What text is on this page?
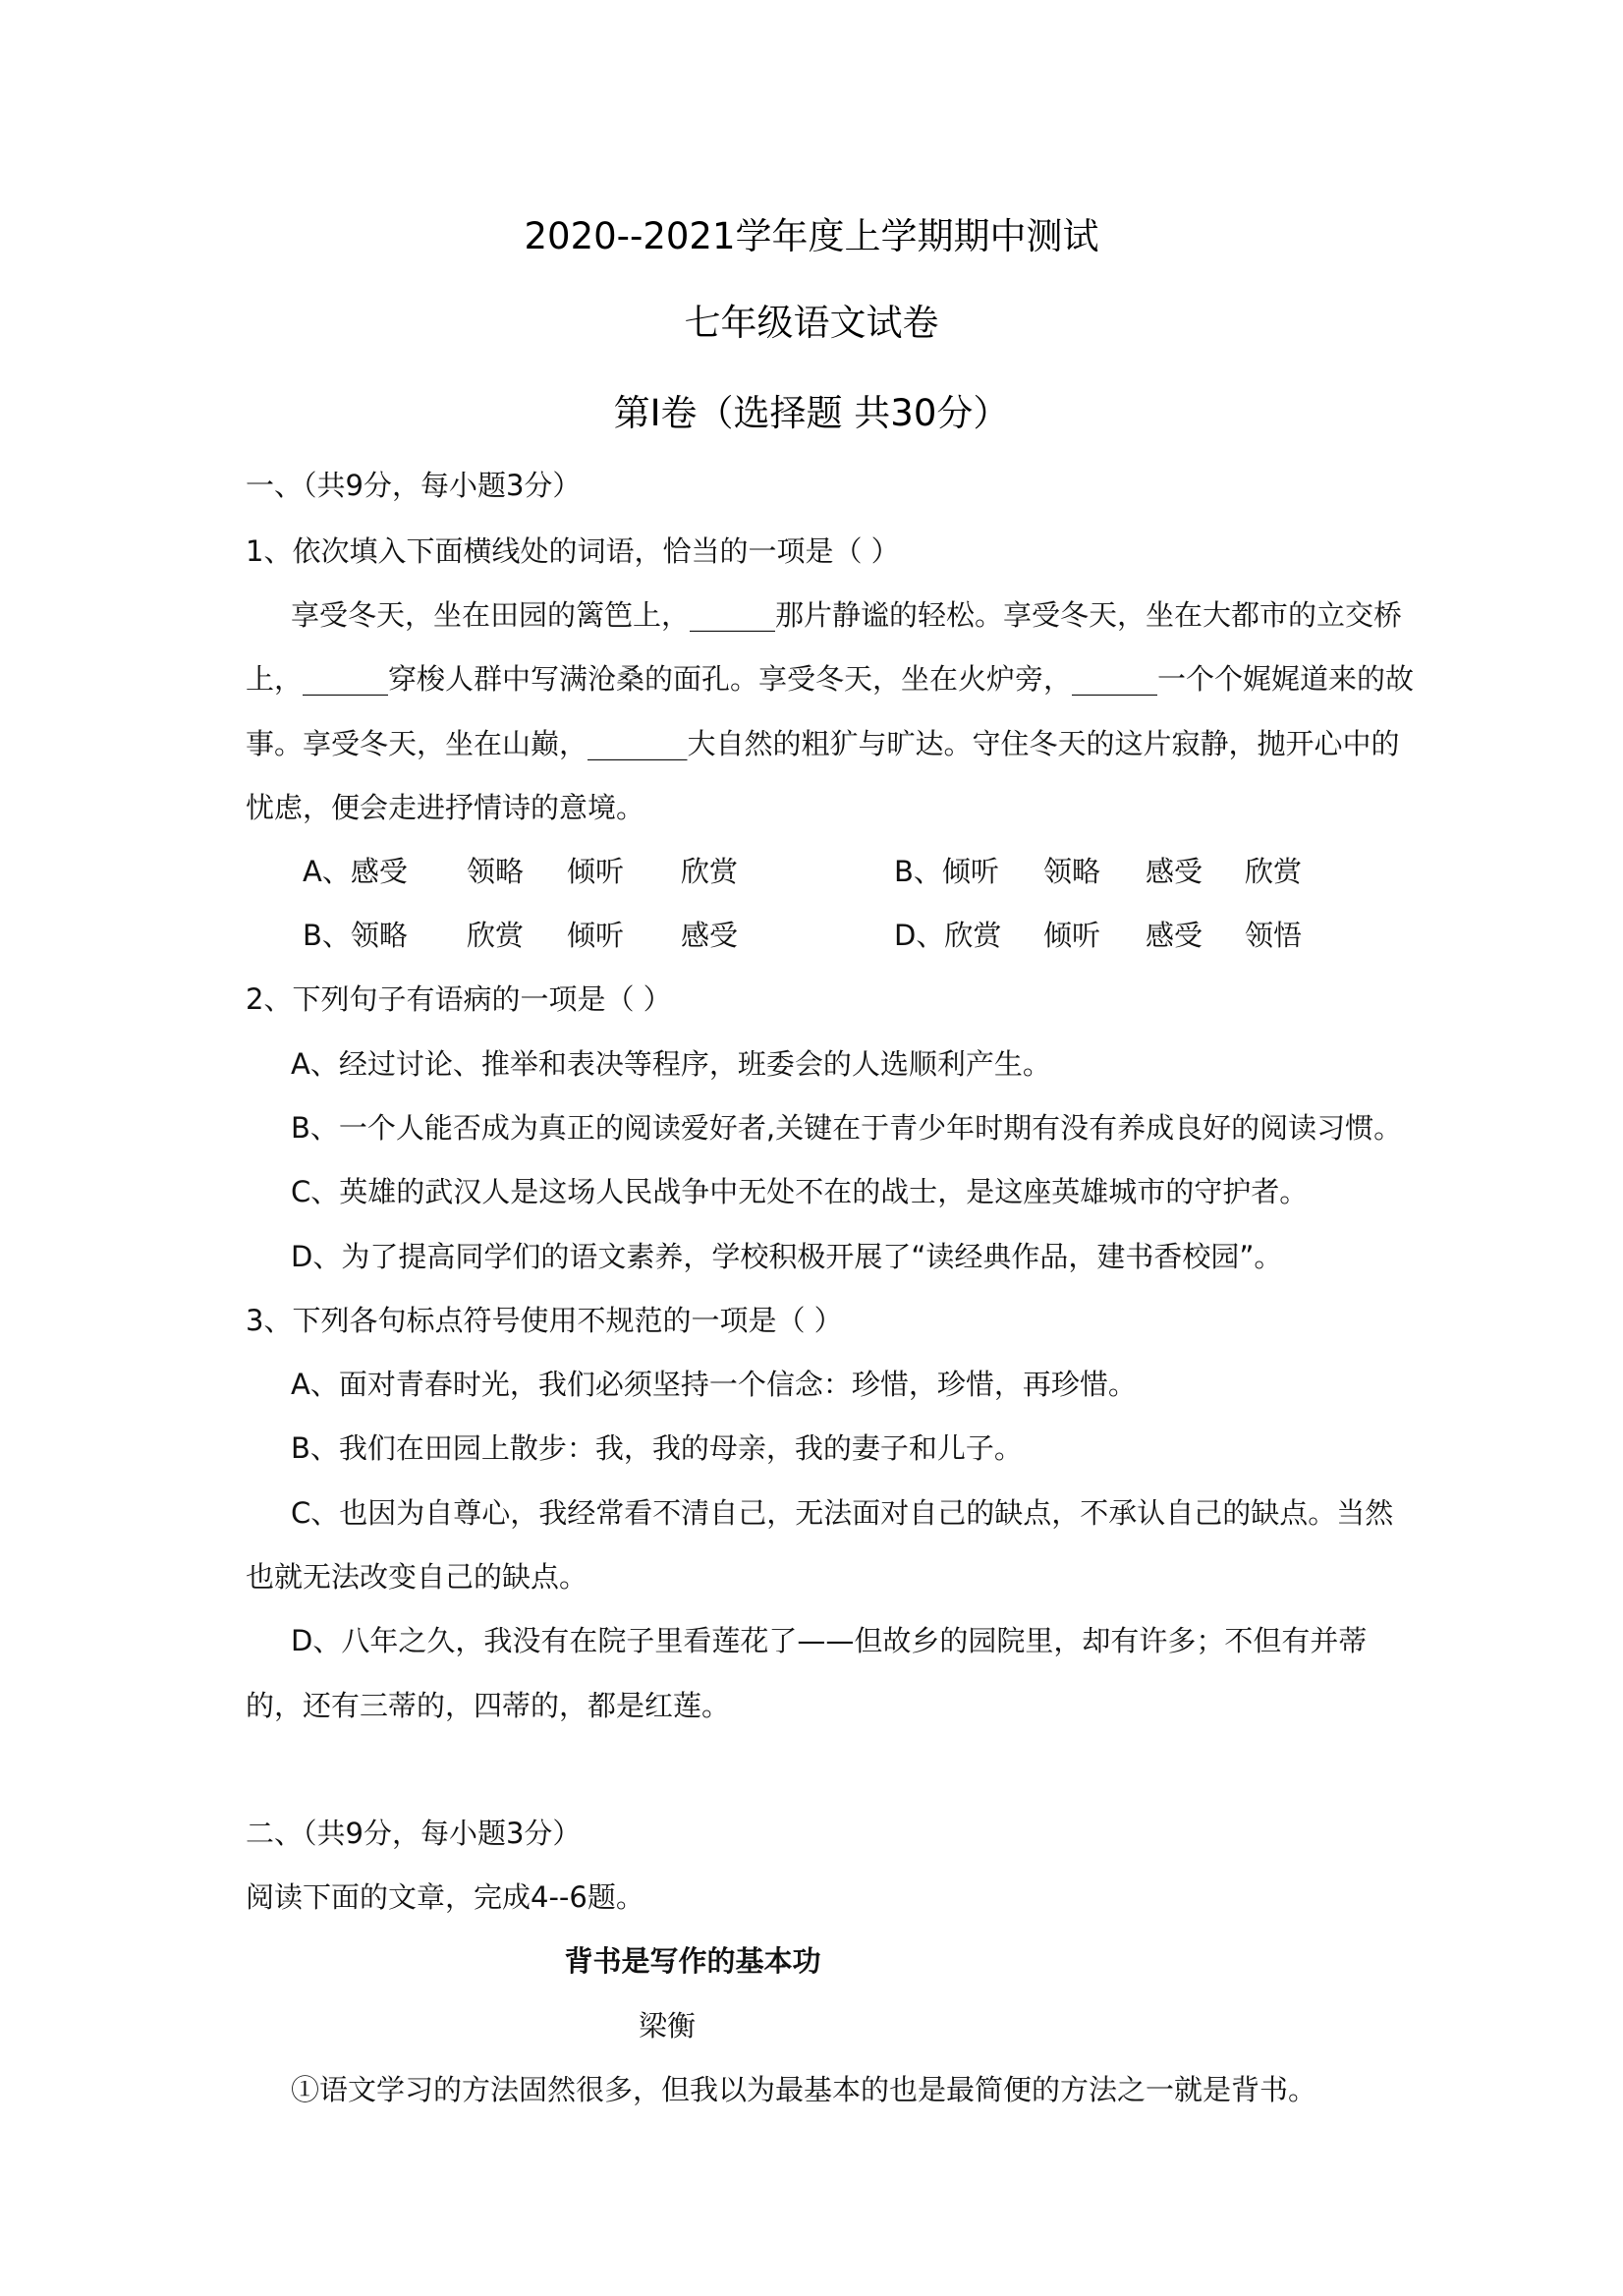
2020--2021学年度上学期期中测试
七年级语文试卷
第Ⅰ卷（选择题 共30分）
一、（共9分，每小题3分）
1、依次填入下面横线处的词语，恰当的一项是（ ）
享受冬天，坐在田园的篱笆上，______那片静谧的轻松。享受冬天，坐在大都市的立交桥
上，______穿梭人群中写满沧桑的面孔。享受冬天，坐在火炉旁，______一个个娓娓道来的故
事。享受冬天，坐在山巅，_______大自然的粗犷与旷达。守住冬天的这片寂静，抛开心中的
忧虑，便会走进抒情诗的意境。
A、感受 领略 倾听 欣赏	B、倾听 领略 感受 欣赏
B、领略 欣赏 倾听 感受	D、欣赏 倾听 感受 领悟
2、下列句子有语病的一项是（ ）
A、经过讨论、推举和表决等程序，班委会的人选顺利产生。
B、一个人能否成为真正的阅读爱好者,关键在于青少年时期有没有养成良好的阅读习惯。
C、英雄的武汉人是这场人民战争中无处不在的战士，是这座英雄城市的守护者。
D、为了提高同学们的语文素养，学校积极开展了“读经典作品，建书香校园”。
3、下列各句标点符号使用不规范的一项是（ ）
A、面对青春时光，我们必须坚持一个信念：珍惜，珍惜，再珍惜。
B、我们在田园上散步：我，我的母亲，我的妻子和儿子。
C、也因为自尊心，我经常看不清自己，无法面对自己的缺点，不承认自己的缺点。当然
也就无法改变自己的缺点。
D、八年之久，我没有在院子里看莲花了——但故乡的园院里，却有许多；不但有并蒂
的，还有三蒂的，四蒂的，都是红莲。
二、（共9分，每小题3分）
阅读下面的文章，完成4--6题。
背书是写作的基本功
梁衡
①语文学习的方法固然很多，但我以为最基本的也是最简便的方法之一就是背书。
